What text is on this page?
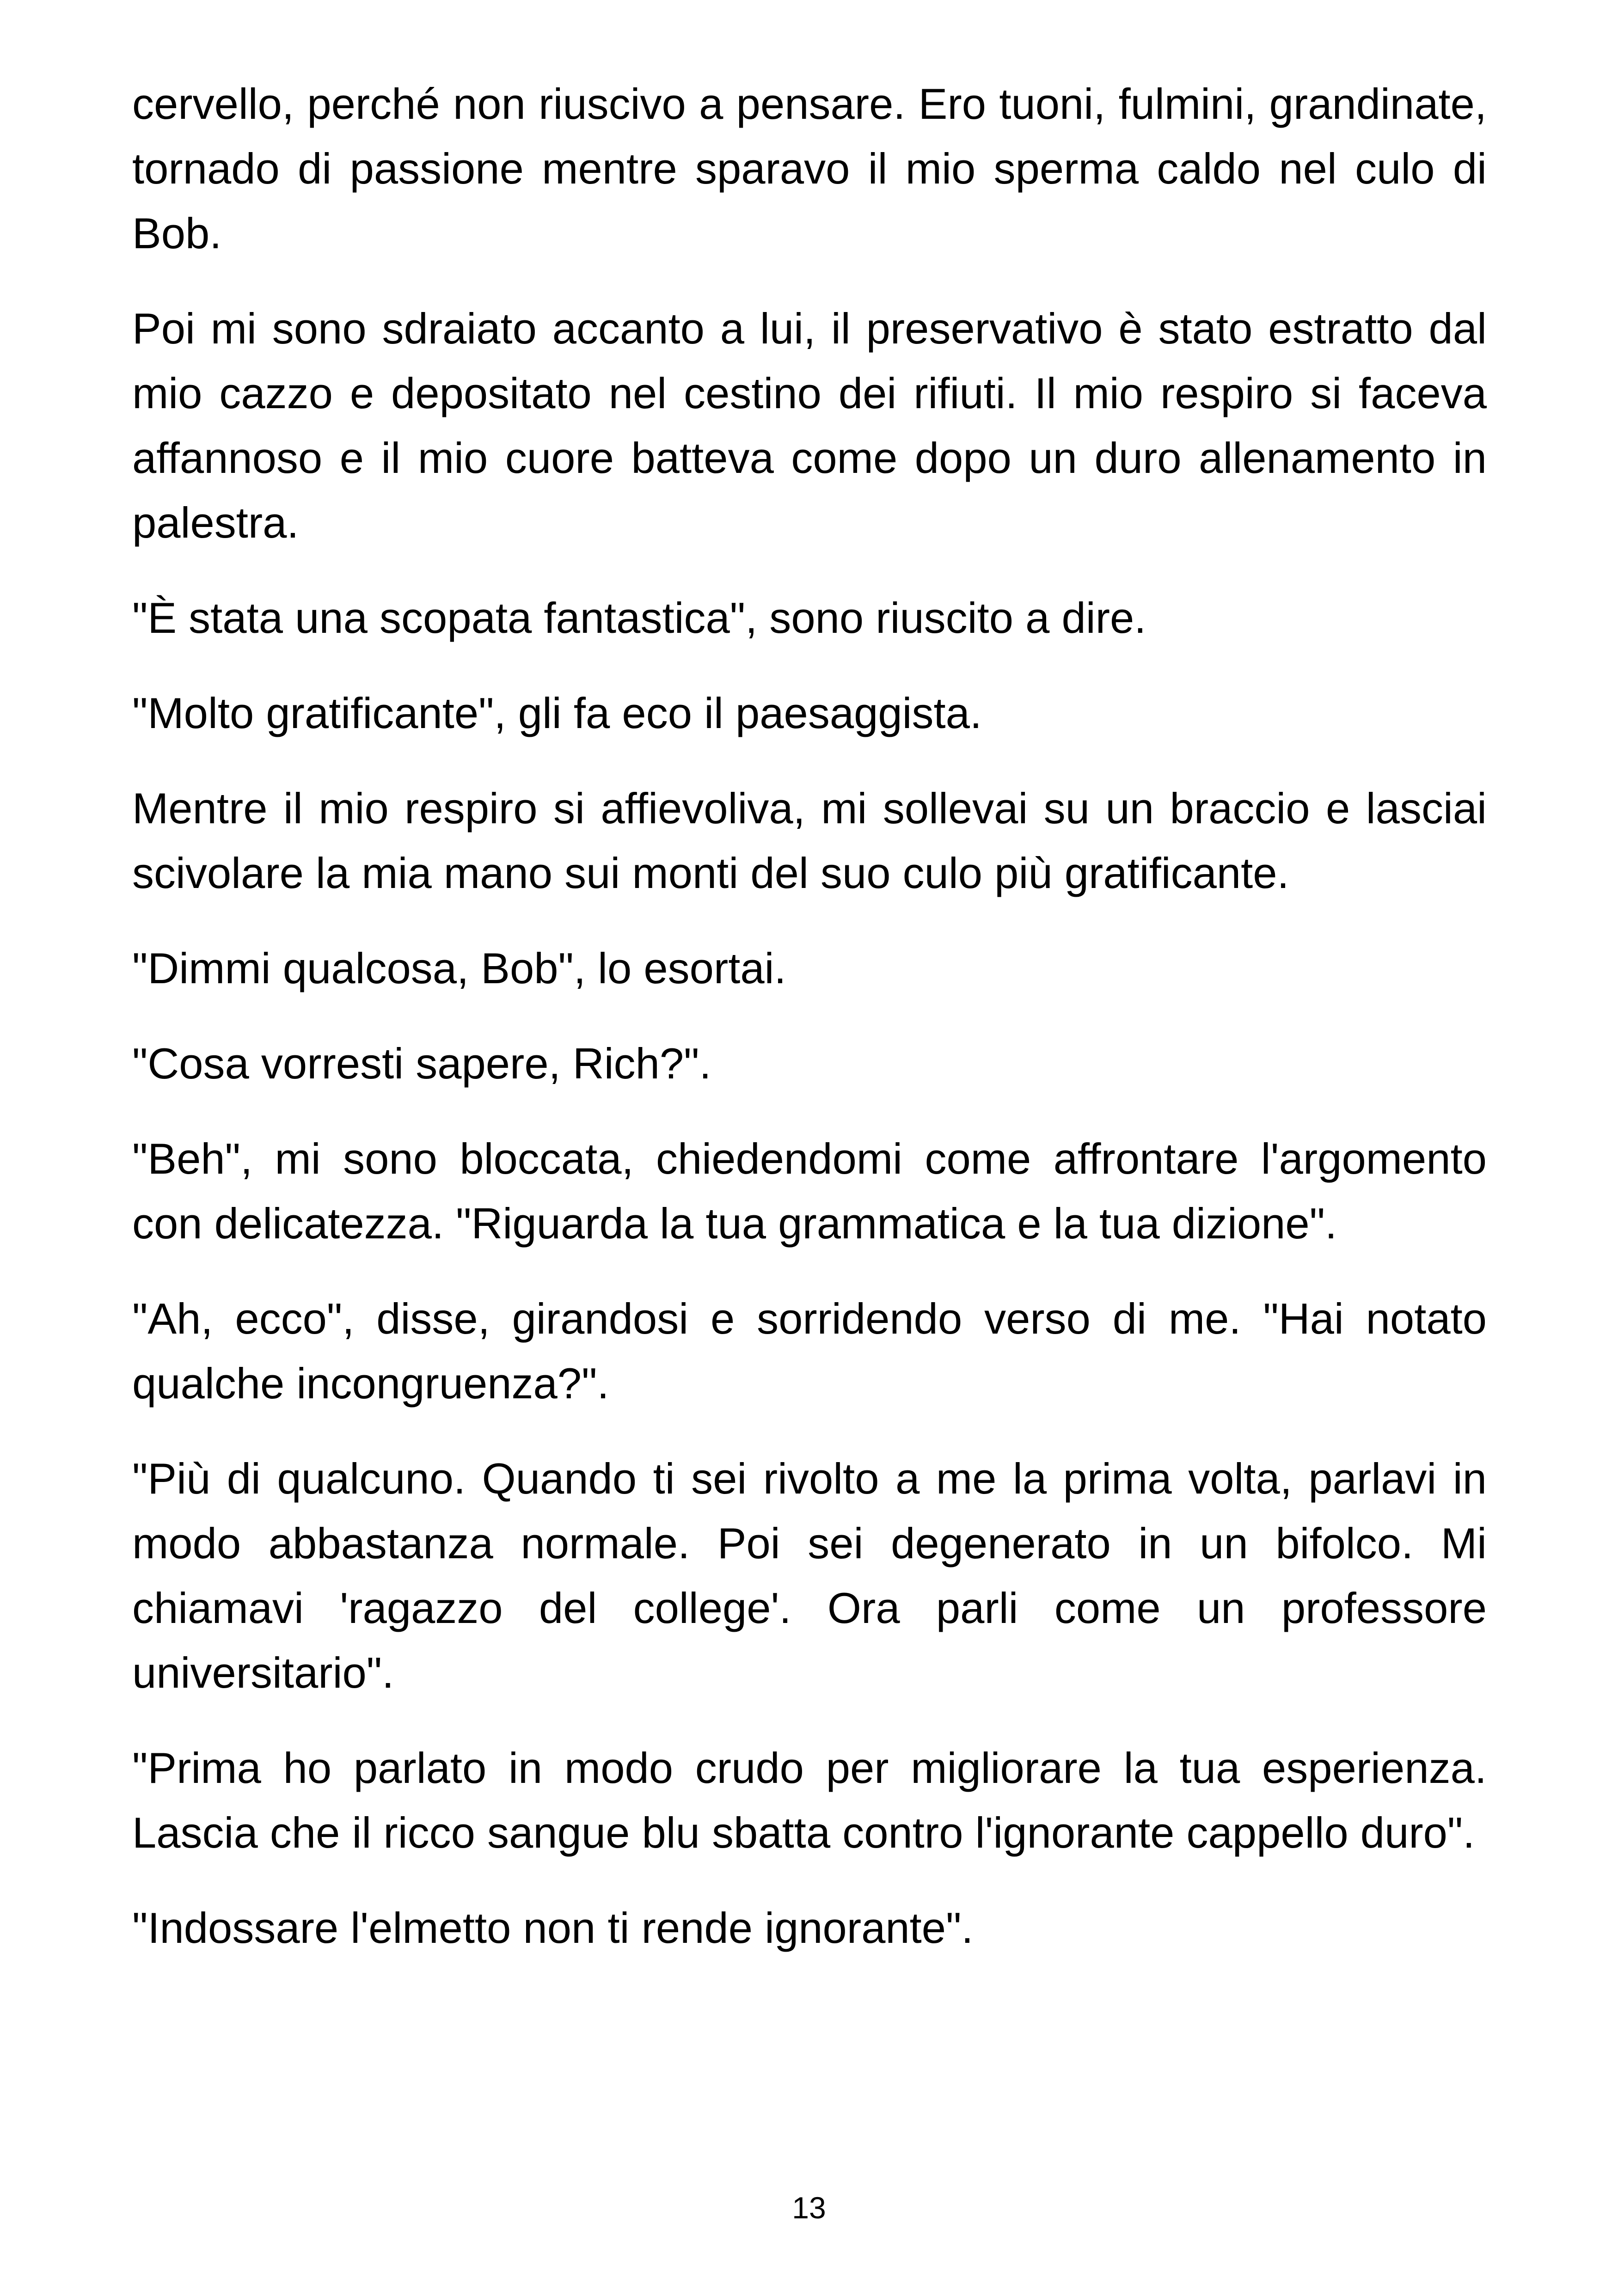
cervello, perché non riuscivo a pensare. Ero tuoni, fulmini, grandinate, tornado di passione mentre sparavo il mio sperma caldo nel culo di Bob.

Poi mi sono sdraiato accanto a lui, il preservativo è stato estratto dal mio cazzo e depositato nel cestino dei rifiuti. Il mio respiro si faceva affannoso e il mio cuore batteva come dopo un duro allenamento in palestra.

"È stata una scopata fantastica", sono riuscito a dire.

"Molto gratificante", gli fa eco il paesaggista.

Mentre il mio respiro si affievoliva, mi sollevai su un braccio e lasciai scivolare la mia mano sui monti del suo culo più gratificante.

"Dimmi qualcosa, Bob", lo esortai.

"Cosa vorresti sapere, Rich?".

"Beh", mi sono bloccata, chiedendomi come affrontare l'argomento con delicatezza. "Riguarda la tua grammatica e la tua dizione".

"Ah, ecco", disse, girandosi e sorridendo verso di me. "Hai notato qualche incongruenza?".

"Più di qualcuno. Quando ti sei rivolto a me la prima volta, parlavi in modo abbastanza normale. Poi sei degenerato in un bifolco. Mi chiamavi 'ragazzo del college'. Ora parli come un professore universitario".

"Prima ho parlato in modo crudo per migliorare la tua esperienza. Lascia che il ricco sangue blu sbatta contro l'ignorante cappello duro".

"Indossare l'elmetto non ti rende ignorante".

13
